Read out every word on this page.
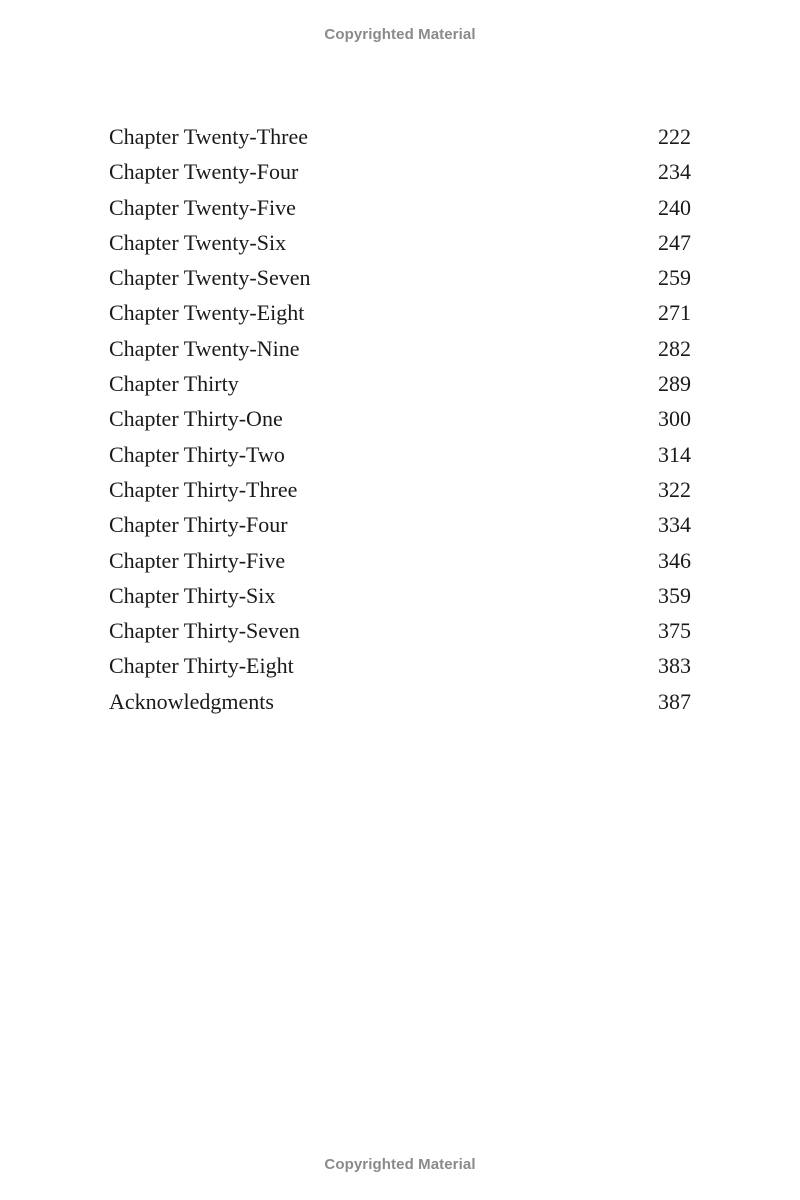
Copyrighted Material
Chapter Twenty-Three	222
Chapter Twenty-Four	234
Chapter Twenty-Five	240
Chapter Twenty-Six	247
Chapter Twenty-Seven	259
Chapter Twenty-Eight	271
Chapter Twenty-Nine	282
Chapter Thirty	289
Chapter Thirty-One	300
Chapter Thirty-Two	314
Chapter Thirty-Three	322
Chapter Thirty-Four	334
Chapter Thirty-Five	346
Chapter Thirty-Six	359
Chapter Thirty-Seven	375
Chapter Thirty-Eight	383
Acknowledgments	387
Copyrighted Material
